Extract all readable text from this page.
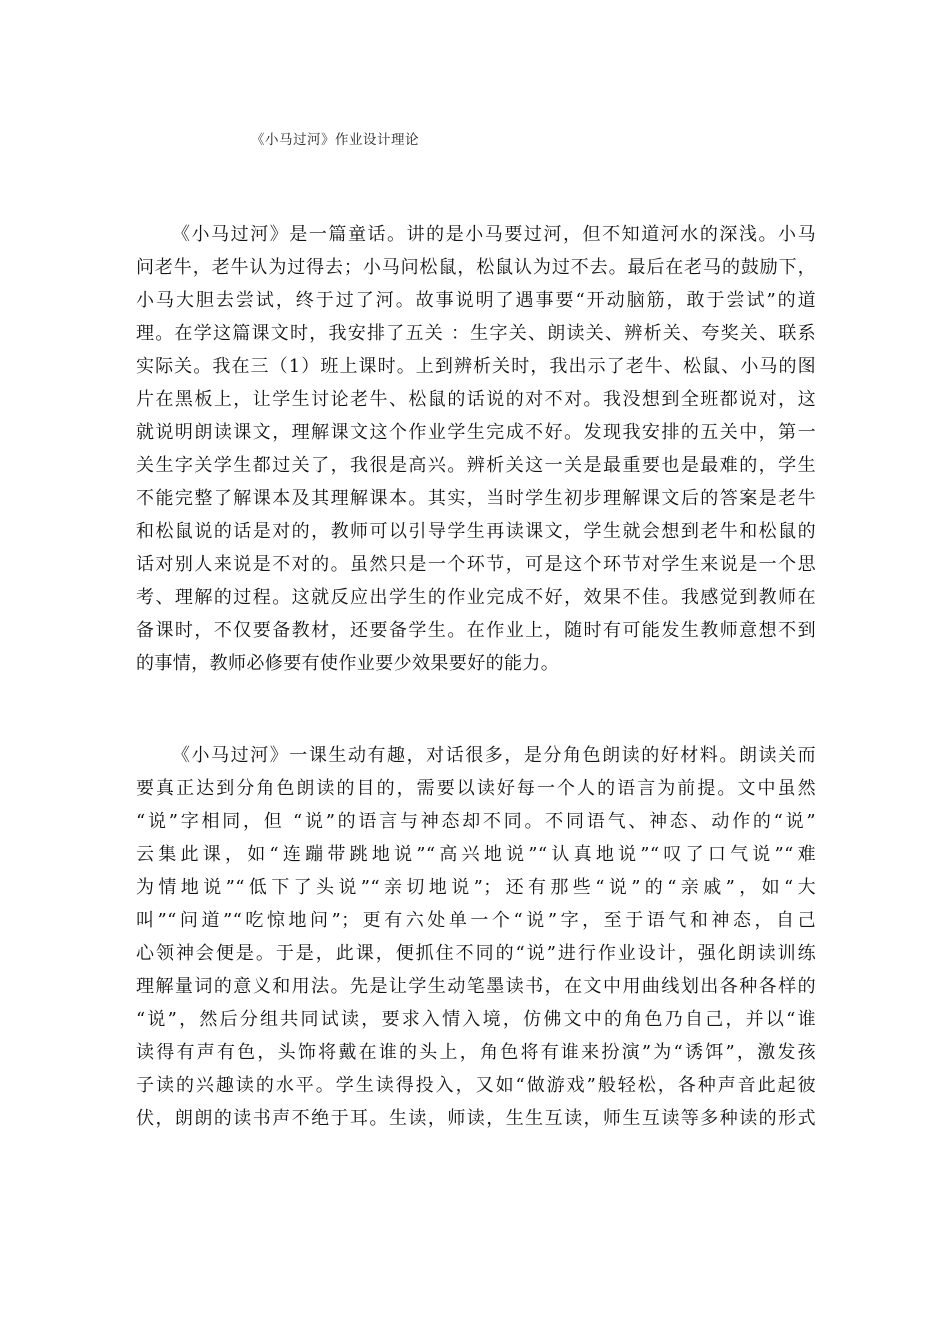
《小马过河》作业设计理论
《小马过河》是一篇童话。讲的是小马要过河，但不知道河水的深浅。小马
问老牛，老牛认为过得去；小马问松鼠，松鼠认为过不去。最后在老马的鼓励下，
小马大胆去尝试，终于过了河。故事说明了遇事要“开动脑筋，敢于尝试”的道
理。在学这篇课文时，我安排了五关 ：生字关、朗读关、辨析关、夸奖关、联系
实际关。我在三（1）班上课时。上到辨析关时，我出示了老牛、松鼠、小马的图
片在黑板上，让学生讨论老牛、松鼠的话说的对不对。我没想到全班都说对，这
就说明朗读课文，理解课文这个作业学生完成不好。发现我安排的五关中，第一
关生字关学生都过关了，我很是高兴。辨析关这一关是最重要也是最难的，学生
不能完整了解课本及其理解课本。其实，当时学生初步理解课文后的答案是老牛
和松鼠说的话是对的，教师可以引导学生再读课文，学生就会想到老牛和松鼠的
话对别人来说是不对的。虽然只是一个环节，可是这个环节对学生来说是一个思
考、理解的过程。这就反应出学生的作业完成不好，效果不佳。我感觉到教师在
备课时，不仅要备教材，还要备学生。在作业上，随时有可能发生教师意想不到
的事情，教师必修要有使作业要少效果要好的能力。
《小马过河》一课生动有趣，对话很多，是分角色朗读的好材料。朗读关而
要真正达到分角色朗读的目的，需要以读好每一个人的语言为前提。文中虽然
“说”字相同，但 “说”的语言与神态却不同。不同语气、神态、动作的“说”
云集此课，如“连蹦带跳地说”“高兴地说”“认真地说”“叹了口气说”“难
为情地说”“低下了头说”“亲切地说”；还有那些“说”的“亲戚”，如“大
叫”“问道”“吃惊地问”；更有六处单一个“说”字，至于语气和神态，自己
心领神会便是。于是，此课，便抓住不同的“说”进行作业设计，强化朗读训练
理解量词的意义和用法。先是让学生动笔墨读书，在文中用曲线划出各种各样的
“说”，然后分组共同试读，要求入情入境，仿佛文中的角色乃自己，并以“谁
读得有声有色，头饰将戴在谁的头上，角色将有谁来扮演”为“诱饵”，激发孩
子读的兴趣读的水平。学生读得投入，又如“做游戏”般轻松，各种声音此起彼
伏，朗朗的读书声不绝于耳。生读，师读，生生互读，师生互读等多种读的形式
